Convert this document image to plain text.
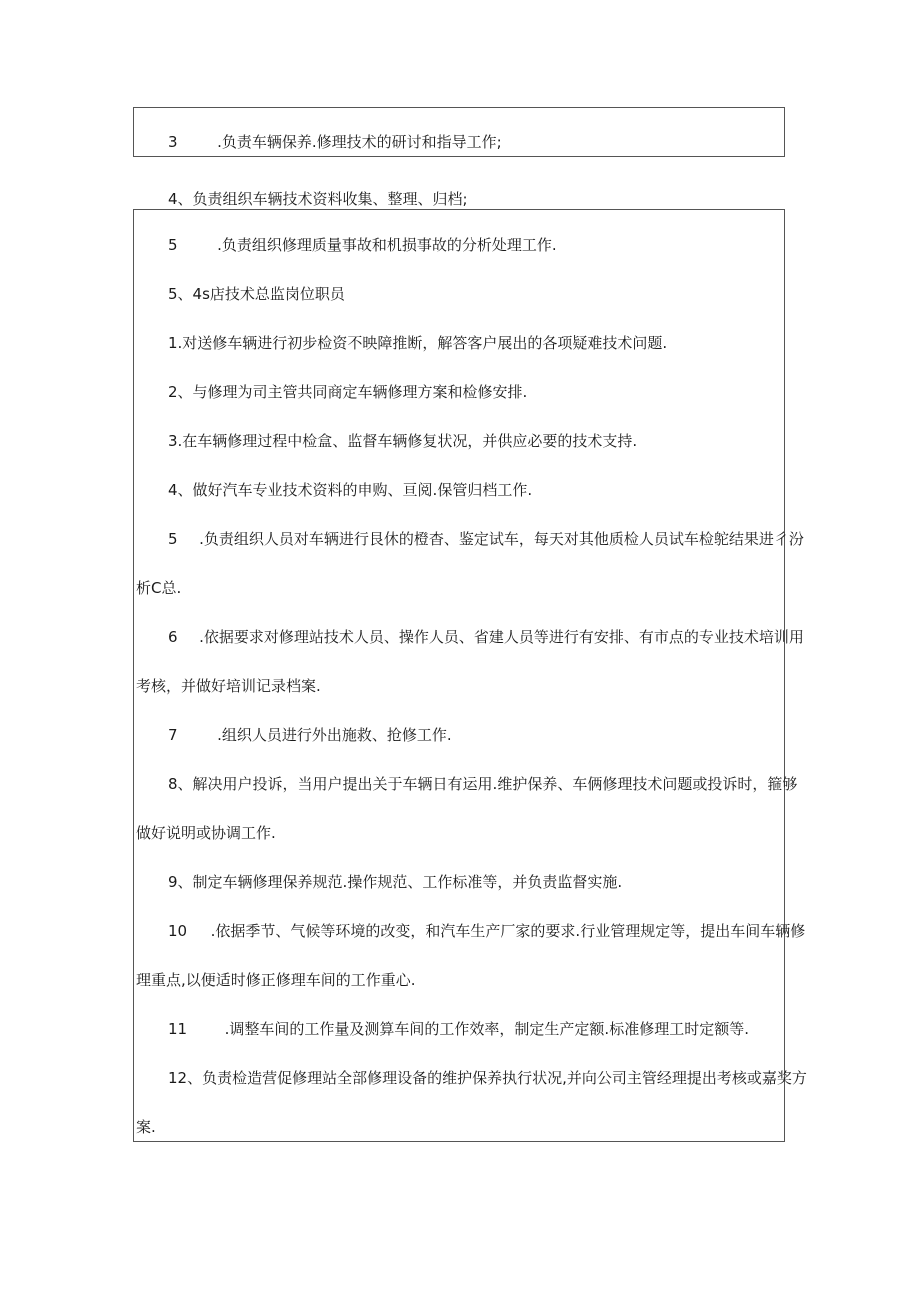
3	.负责车辆保养.修理技术的研讨和指导工作;
4、负责组织车辆技术资料收集、整理、归档;
5	.负责组织修理质量事故和机损事故的分析处理工作.
5、4s店技术总监岗位职员
1.对送修车辆进行初步检资不映障推断，解答客户展出的各项疑难技术问题.
2、与修理为司主管共同商定车辆修理方案和检修安排.
3.在车辆修理过程中检盒、监督车辆修复状况，并供应必要的技术支持.
4、做好汽车专业技术资料的申购、亘阅.保管归档工作.
5 .负责组织人员对车辆进行艮休的橙杳、鉴定试车，每天对其他质检人员试车检鸵结果进彳汾
析C总.
6 .依据要求对修理站技术人员、操作人员、省建人员等进行有安排、有市点的专业技术培训用
考核，并做好培训记录档案.
7	.组织人员进行外出施救、抢修工作.
8、解决用户投诉，当用户提出关于车辆日有运用.维护保养、车俩修理技术问题或投诉时，箍够
做好说明或协调工作.
9、制定车辆修理保养规范.操作规范、工作标准等，并负责监督实施.
10 .依据季节、气候等环境的改变，和汽车生产厂家的要求.行业管理规定等，提出车间车辆修
理重点,以便适时修正修理车间的工作重心.
11	.调整车间的工作量及测算车间的工作效率，制定生产定额.标准修理工时定额等.
12、负责检造营促修理站全部修理设备的维护保养执行状况,并向公司主管经理提出考核或嘉奖方
案.
